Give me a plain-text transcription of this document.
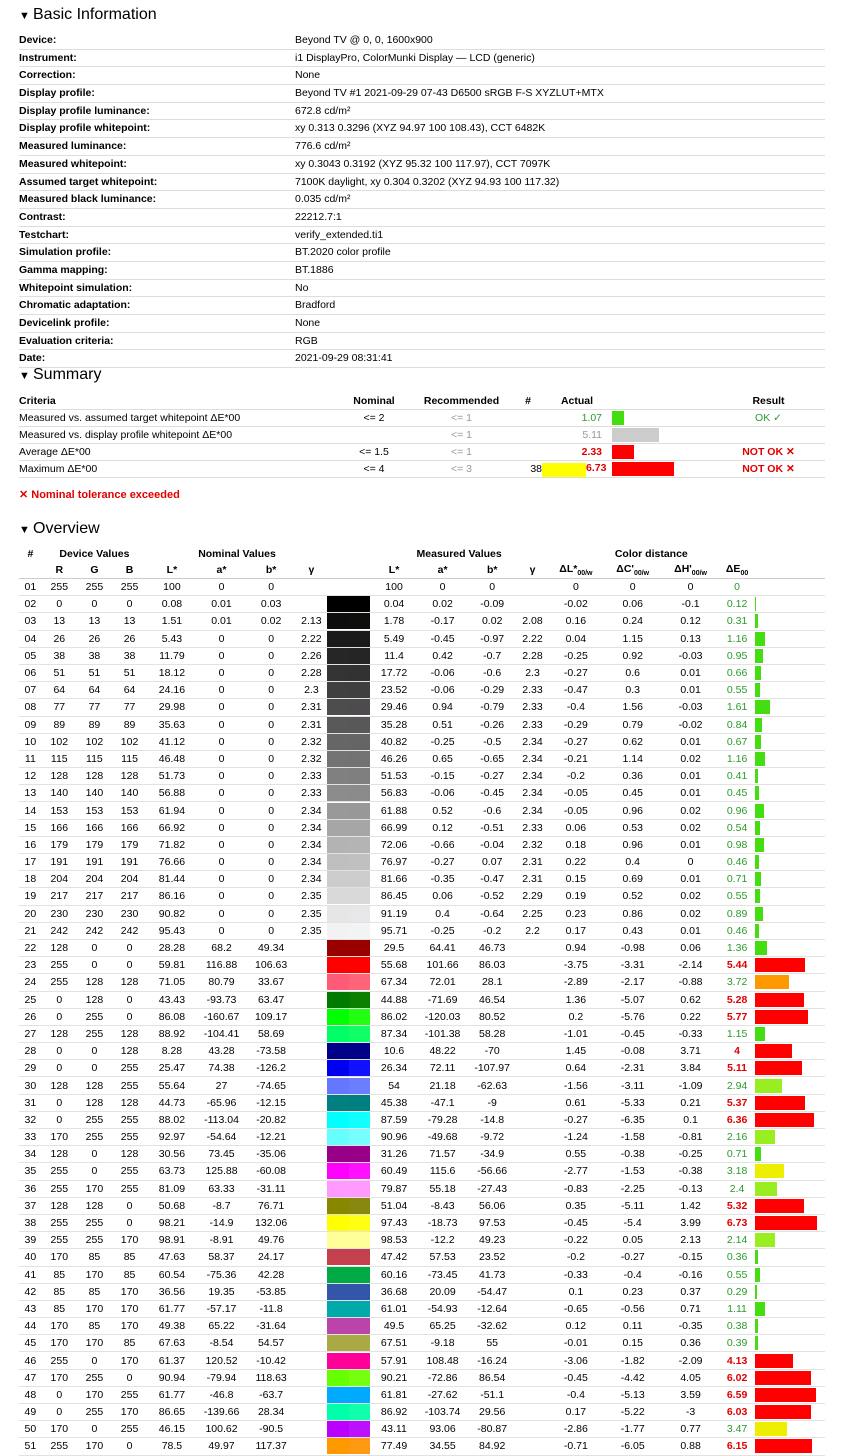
▼ Basic Information
Device:	Beyond TV @ 0, 0, 1600x900
Instrument:	i1 DisplayPro, ColorMunki Display — LCD (generic)
Correction:	None
Display profile:	Beyond TV #1 2021-09-29 07-43 D6500 sRGB F-S XYZLUT+MTX
Display profile luminance:	672.8 cd/m²
Display profile whitepoint:	xy 0.313 0.3296 (XYZ 94.97 100 108.43), CCT 6482K
Measured luminance:	776.6 cd/m²
Measured whitepoint:	xy 0.3043 0.3192 (XYZ 95.32 100 117.97), CCT 7097K
Assumed target whitepoint:	7100K daylight, xy 0.304 0.3202 (XYZ 94.93 100 117.32)
Measured black luminance:	0.035 cd/m²
Contrast:	22212.7:1
Testchart:	verify_extended.ti1
Simulation profile:	BT.2020 color profile
Gamma mapping:	BT.1886
Whitepoint simulation:	No
Chromatic adaptation:	Bradford
Devicelink profile:	None
Evaluation criteria:	RGB
Date:	2021-09-29 08:31:41
▼ Summary
Criteria	Nominal	Recommended	#	Actual		Result
Measured vs. assumed target whitepoint ΔE*00	<= 2	<= 1		1.07		OK ✓
Measured vs. display profile whitepoint ΔE*00		<= 1		5.11		
Average ΔE*00	<= 1.5	<= 1		2.33		NOT OK ✕
Maximum ΔE*00	<= 4	<= 3	38	6.73		NOT OK ✕
✕ Nominal tolerance exceeded
▼ Overview
#	Device Values			Nominal Values					Measured Values				Color distance				
	R	G	B	L*	a*	b*	γ		L*	a*	b*	γ	$\Delta L*_{00/w}$	$\Delta C'_{00/w}$	$\Delta H'_{00/w}$	$\Delta E_{00}$	
01	255	255	255	100	0	0			100	0	0		0	0	0	0	

02	0	0	0	0.08	0.01	0.03			0.04	0.02	-0.09		-0.02	0.06	-0.1	0.12	

03	13	13	13	1.51	0.01	0.02	2.13		1.78	-0.17	0.02	2.08	0.16	0.24	0.12	0.31	

04	26	26	26	5.43	0	0	2.22		5.49	-0.45	-0.97	2.22	0.04	1.15	0.13	1.16	

05	38	38	38	11.79	0	0	2.26		11.4	0.42	-0.7	2.28	-0.25	0.92	-0.03	0.95	

06	51	51	51	18.12	0	0	2.28		17.72	-0.06	-0.6	2.3	-0.27	0.6	0.01	0.66	

07	64	64	64	24.16	0	0	2.3		23.52	-0.06	-0.29	2.33	-0.47	0.3	0.01	0.55	

08	77	77	77	29.98	0	0	2.31		29.46	0.94	-0.79	2.33	-0.4	1.56	-0.03	1.61	

09	89	89	89	35.63	0	0	2.31		35.28	0.51	-0.26	2.33	-0.29	0.79	-0.02	0.84	

10	102	102	102	41.12	0	0	2.32		40.82	-0.25	-0.5	2.34	-0.27	0.62	0.01	0.67	

11	115	115	115	46.48	0	0	2.32		46.26	0.65	-0.65	2.34	-0.21	1.14	0.02	1.16	

12	128	128	128	51.73	0	0	2.33		51.53	-0.15	-0.27	2.34	-0.2	0.36	0.01	0.41	

13	140	140	140	56.88	0	0	2.33		56.83	-0.06	-0.45	2.34	-0.05	0.45	0.01	0.45	

14	153	153	153	61.94	0	0	2.34		61.88	0.52	-0.6	2.34	-0.05	0.96	0.02	0.96	

15	166	166	166	66.92	0	0	2.34		66.99	0.12	-0.51	2.33	0.06	0.53	0.02	0.54	

16	179	179	179	71.82	0	0	2.34		72.06	-0.66	-0.04	2.32	0.18	0.96	0.01	0.98	

17	191	191	191	76.66	0	0	2.34		76.97	-0.27	0.07	2.31	0.22	0.4	0	0.46	

18	204	204	204	81.44	0	0	2.34		81.66	-0.35	-0.47	2.31	0.15	0.69	0.01	0.71	

19	217	217	217	86.16	0	0	2.35		86.45	0.06	-0.52	2.29	0.19	0.52	0.02	0.55	

20	230	230	230	90.82	0	0	2.35		91.19	0.4	-0.64	2.25	0.23	0.86	0.02	0.89	

21	242	242	242	95.43	0	0	2.35		95.71	-0.25	-0.2	2.2	0.17	0.43	0.01	0.46	

22	128	0	0	28.28	68.2	49.34			29.5	64.41	46.73		0.94	-0.98	0.06	1.36	

23	255	0	0	59.81	116.88	106.63			55.68	101.66	86.03		-3.75	-3.31	-2.14	5.44	

24	255	128	128	71.05	80.79	33.67			67.34	72.01	28.1		-2.89	-2.17	-0.88	3.72	

25	0	128	0	43.43	-93.73	63.47			44.88	-71.69	46.54		1.36	-5.07	0.62	5.28	

26	0	255	0	86.08	-160.67	109.17			86.02	-120.03	80.52		0.2	-5.76	0.22	5.77	

27	128	255	128	88.92	-104.41	58.69			87.34	-101.38	58.28		-1.01	-0.45	-0.33	1.15	

28	0	0	128	8.28	43.28	-73.58			10.6	48.22	-70		1.45	-0.08	3.71	4	

29	0	0	255	25.47	74.38	-126.2			26.34	72.11	-107.97		0.64	-2.31	3.84	5.11	

30	128	128	255	55.64	27	-74.65			54	21.18	-62.63		-1.56	-3.11	-1.09	2.94	

31	0	128	128	44.73	-65.96	-12.15			45.38	-47.1	-9		0.61	-5.33	0.21	5.37	

32	0	255	255	88.02	-113.04	-20.82			87.59	-79.28	-14.8		-0.27	-6.35	0.1	6.36	

33	170	255	255	92.97	-54.64	-12.21			90.96	-49.68	-9.72		-1.24	-1.58	-0.81	2.16	

34	128	0	128	30.56	73.45	-35.06			31.26	71.57	-34.9		0.55	-0.38	-0.25	0.71	

35	255	0	255	63.73	125.88	-60.08			60.49	115.6	-56.66		-2.77	-1.53	-0.38	3.18	

36	255	170	255	81.09	63.33	-31.11			79.87	55.18	-27.43		-0.83	-2.25	-0.13	2.4	

37	128	128	0	50.68	-8.7	76.71			51.04	-8.43	56.06		0.35	-5.11	1.42	5.32	

38	255	255	0	98.21	-14.9	132.06			97.43	-18.73	97.53		-0.45	-5.4	3.99	6.73	

39	255	255	170	98.91	-8.91	49.76			98.53	-12.2	49.23		-0.22	0.05	2.13	2.14	

40	170	85	85	47.63	58.37	24.17			47.42	57.53	23.52		-0.2	-0.27	-0.15	0.36	

41	85	170	85	60.54	-75.36	42.28			60.16	-73.45	41.73		-0.33	-0.4	-0.16	0.55	

42	85	85	170	36.56	19.35	-53.85			36.68	20.09	-54.47		0.1	0.23	0.37	0.29	

43	85	170	170	61.77	-57.17	-11.8			61.01	-54.93	-12.64		-0.65	-0.56	0.71	1.11	

44	170	85	170	49.38	65.22	-31.64			49.5	65.25	-32.62		0.12	0.11	-0.35	0.38	

45	170	170	85	67.63	-8.54	54.57			67.51	-9.18	55		-0.01	0.15	0.36	0.39	

46	255	0	170	61.37	120.52	-10.42			57.91	108.48	-16.24		-3.06	-1.82	-2.09	4.13	

47	170	255	0	90.94	-79.94	118.63			90.21	-72.86	86.54		-0.45	-4.42	4.05	6.02	

48	0	170	255	61.77	-46.8	-63.7			61.81	-27.62	-51.1		-0.4	-5.13	3.59	6.59	

49	0	255	170	86.65	-139.66	28.34			86.92	-103.74	29.56		0.17	-5.22	-3	6.03	

50	170	0	255	46.15	100.62	-90.5			43.11	93.06	-80.87		-2.86	-1.77	0.77	3.47	

51	255	170	0	78.5	49.97	117.37			77.49	34.55	84.92		-0.71	-6.05	0.88	6.15	
